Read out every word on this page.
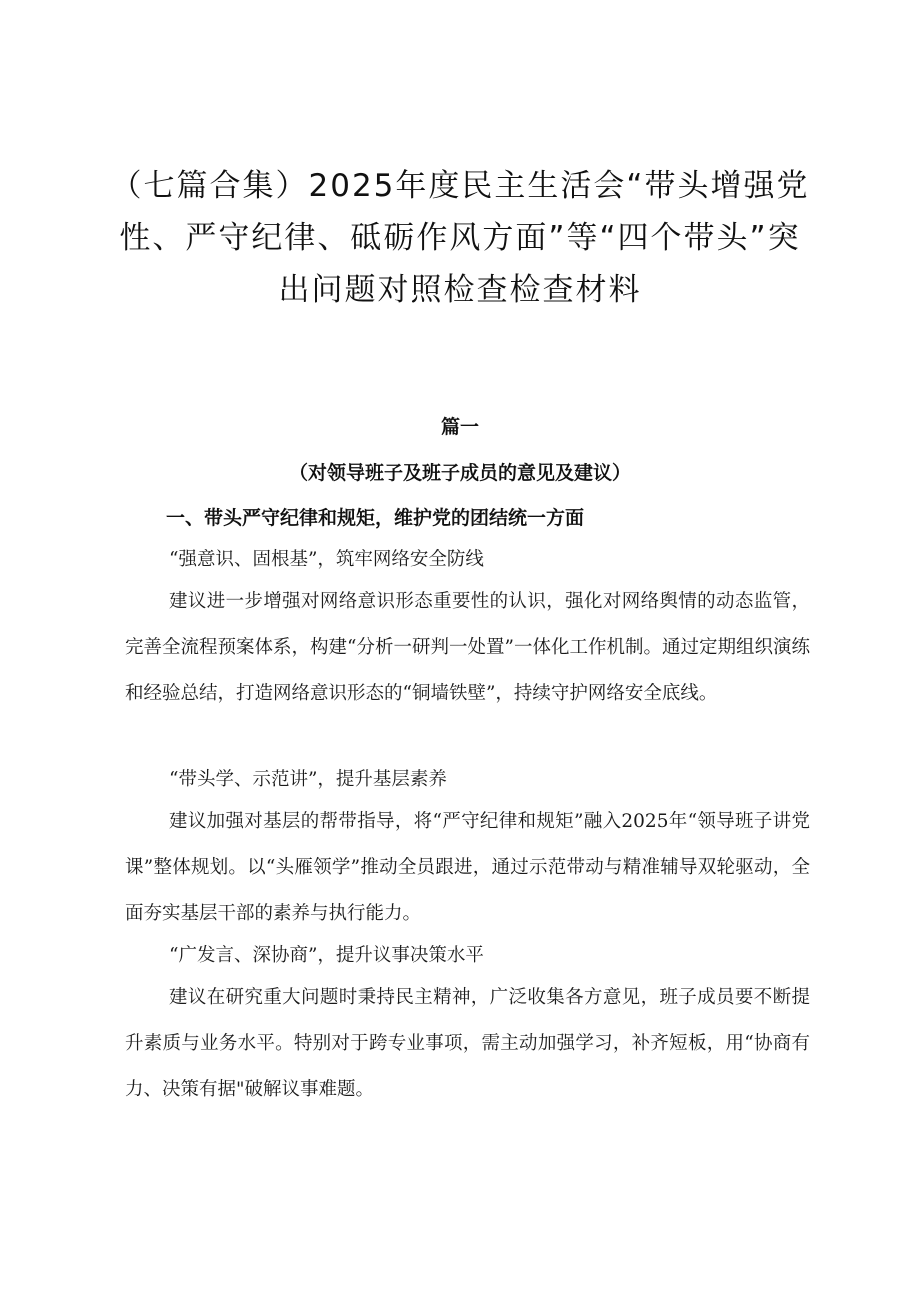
（七篇合集）2025年度民主生活会“带头增强党性、严守纪律、砥砺作风方面”等“四个带头”突出问题对照检查检查材料
篇一
（对领导班子及班子成员的意见及建议）
一、带头严守纪律和规矩，维护党的团结统一方面
“强意识、固根基”，筑牢网络安全防线

建议进一步增强对网络意识形态重要性的认识，强化对网络舆情的动态监管，完善全流程预案体系，构建“分析一研判一处置”一体化工作机制。通过定期组织演练和经验总结，打造网络意识形态的“铜墙铁壁”，持续守护网络安全底线。

“带头学、示范讲”，提升基层素养

建议加强对基层的帮带指导，将“严守纪律和规矩”融入2025年“领导班子讲党课”整体规划。以“头雁领学”推动全员跟进，通过示范带动与精准辅导双轮驱动，全面夯实基层干部的素养与执行能力。

“广发言、深协商”，提升议事决策水平

建议在研究重大问题时秉持民主精神，广泛收集各方意见，班子成员要不断提升素质与业务水平。特别对于跨专业事项，需主动加强学习，补齐短板，用“协商有力、决策有据"破解议事难题。
